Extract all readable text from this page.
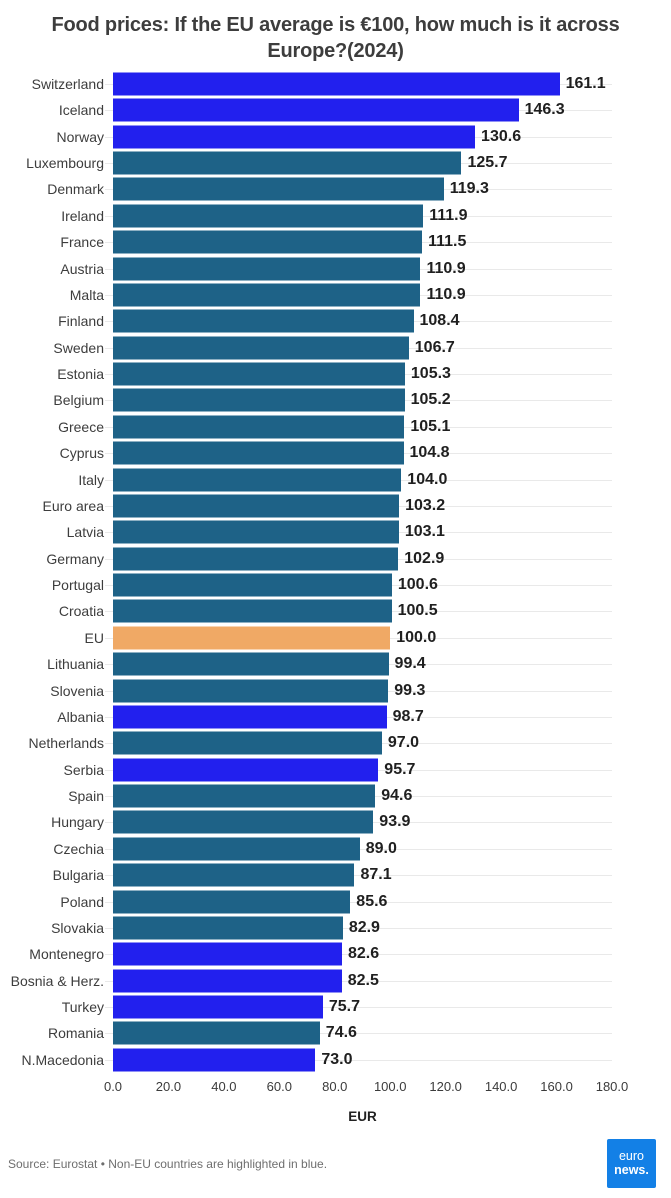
Food prices: If the EU average is €100, how much is it across Europe?(2024)
Switzerland	161.1
Iceland	146.3
Norway	130.6
Luxembourg	125.7
Denmark	119.3
Ireland	111.9
France	111.5
Austria	110.9
Malta	110.9
Finland	108.4
Sweden	106.7
Estonia	105.3
Belgium	105.2
Greece	105.1
Cyprus	104.8
Italy	104.0
Euro area	103.2
Latvia	103.1
Germany	102.9
Portugal	100.6
Croatia	100.5
EU	100.0
Lithuania	99.4
Slovenia	99.3
Albania	98.7
Netherlands	97.0
Serbia	95.7
Spain	94.6
Hungary	93.9
Czechia	89.0
Bulgaria	87.1
Poland	85.6
Slovakia	82.9
Montenegro	82.6
Bosnia & Herz.	82.5
Turkey	75.7
Romania	74.6
N.Macedonia	73.0
0.0	20.0 40.0 60.0 80.0 100.0 120.0 140.0 160.0 180.0
EUR
Source: Eurostat • Non-EU countries are highlighted in blue.
euro
news.
